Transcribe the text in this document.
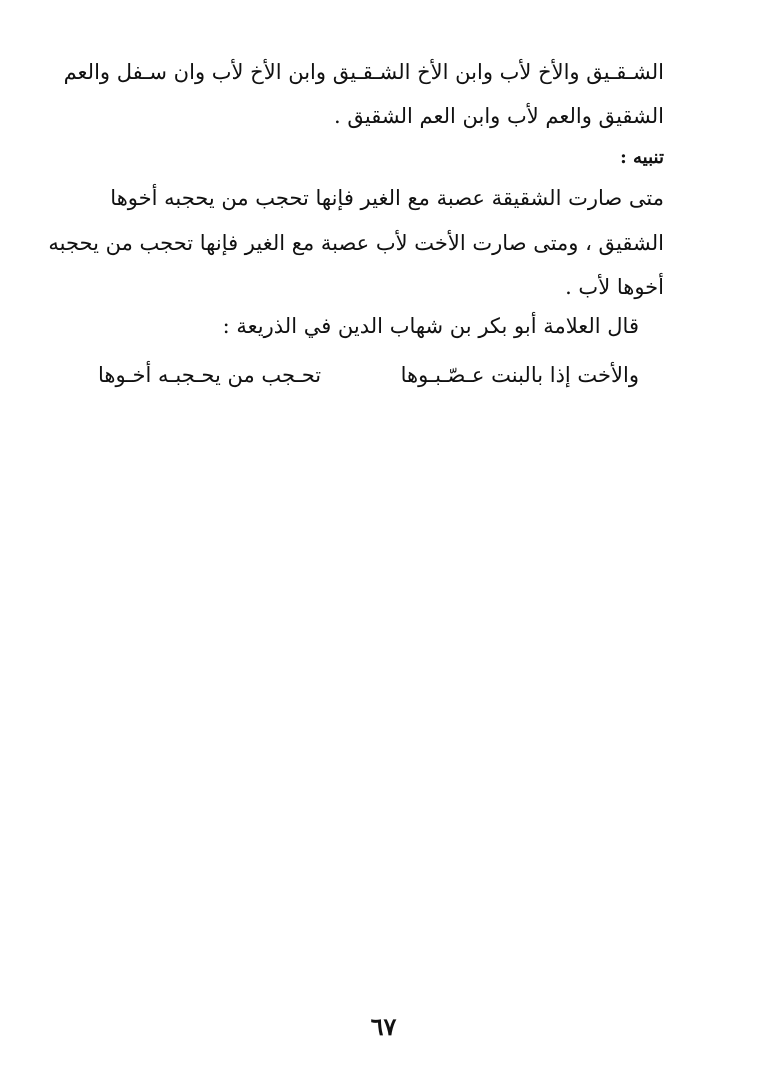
الشـقـيق والأخ لأب وابن الأخ الشـقـيق وابن الأخ لأب وان سـفل والعم
الشقيق والعم لأب وابن العم الشقيق .
تنبيه :
متى صارت الشقيقة عصبة مع الغير فإنها تحجب من يحجبه أخوها
الشقيق ، ومتى صارت الأخت لأب عصبة مع الغير فإنها تحجب من يحجبه
أخوها لأب .
قال العلامة أبو بكر بن شهاب الدين في الذريعة :
والأخت إذا بالبنت عـصّـبـوها
تحـجب من يحـجبـه أخـوها
٦٧
